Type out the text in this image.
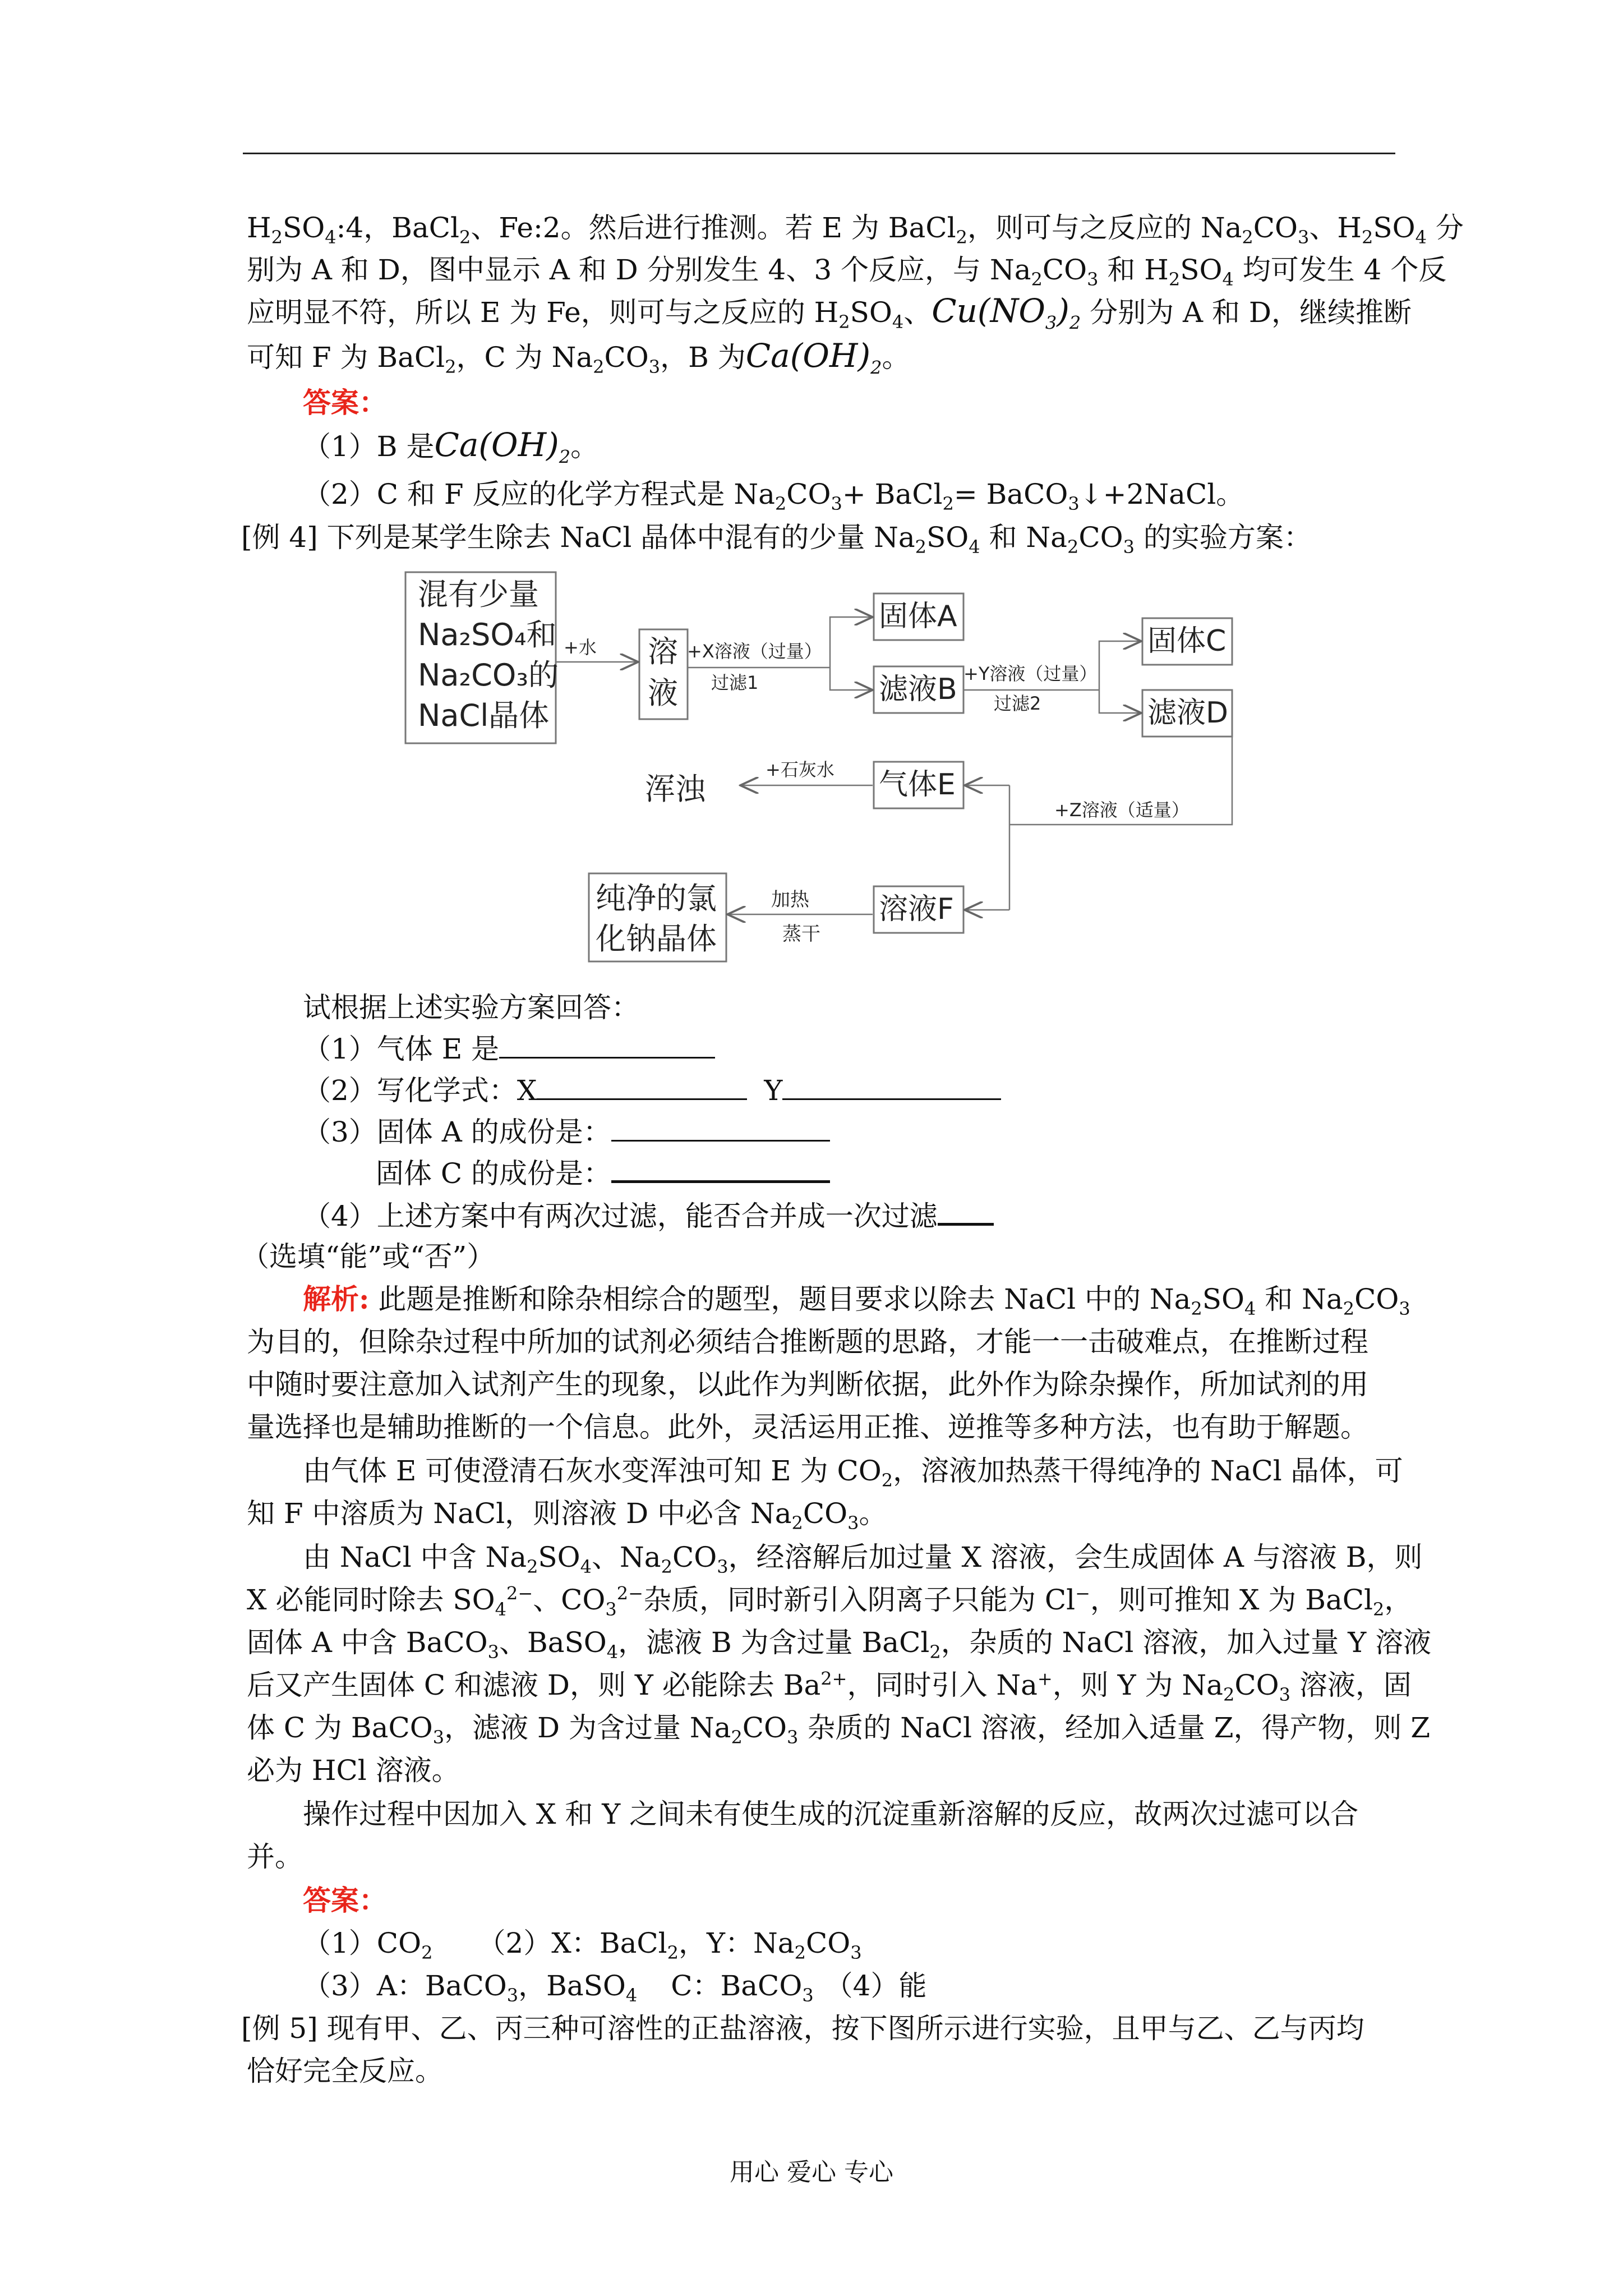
$H_2SO_4:4$，BaCl$_2$、Fe:2。然后进行推测。若 E 为 BaCl$_2$，则可与之反应的 $Na_2CO_3$、$H_2SO_4$ 分

别为 A 和 D，图中显示 A 和 D 分别发生 4、3 个反应，与 $Na_2CO_3$ 和 $H_2SO_4$ 均可发生 4 个反

应明显不符，所以 E 为 Fe，则可与之反应的 $H_2SO_4$、$Cu(NO_3)_2$ 分别为 A 和 D，继续推断

可知 F 为 BaCl$_2$，C 为 $Na_2CO_3$，B 为$Ca(OH)_2$。

答案：

（1）B 是$Ca(OH)_2$。

（2）C 和 F 反应的化学方程式是 $Na_2CO_3+$ BaCl$_2$= BaCO$_3$↓+2NaCl。

[例 4] 下列是某学生除去 NaCl 晶体中混有的少量 $Na_2SO_4$ 和 $Na_2CO_3$ 的实验方案：

混有少量
Na₂SO₄和
Na₂CO₃的
NaCl晶体
+水 溶
液
+X溶液（过量）
过滤1
固体A
滤液B +Y溶液（过量）
过滤2
固体C
滤液D
+Z溶液（适量）
气体E
+石灰水
浑浊
溶液F
加热
蒸干
纯净的氯
化钠晶体

试根据上述实验方案回答：

（1）气体 E 是

（2）写化学式：X	Y

（3）固体 A 的成份是：

固体 C 的成份是：

（4）上述方案中有两次过滤，能否合并成一次过滤

（选填“能”或“否”）

解析: 此题是推断和除杂相综合的题型，题目要求以除去 NaCl 中的 $Na_2SO_4$ 和 $Na_2CO_3$

为目的，但除杂过程中所加的试剂必须结合推断题的思路，才能一一击破难点，在推断过程

中随时要注意加入试剂产生的现象，以此作为判断依据，此外作为除杂操作，所加试剂的用

量选择也是辅助推断的一个信息。此外，灵活运用正推、逆推等多种方法，也有助于解题。

由气体 E 可使澄清石灰水变浑浊可知 E 为 $CO_2$，溶液加热蒸干得纯净的 NaCl 晶体，可

知 F 中溶质为 NaCl，则溶液 D 中必含 $Na_2CO_3$。

由 NaCl 中含 $Na_2SO_4$、$Na_2CO_3$，经溶解后加过量 X 溶液，会生成固体 A 与溶液 B，则

X 必能同时除去 $SO_4^{2-}$、$CO_3^{2-}$杂质，同时新引入阴离子只能为 Cl−，则可推知 X 为 BaCl$_2$，

固体 A 中含 BaCO$_3$、BaSO$_4$，滤液 B 为含过量 BaCl$_2$，杂质的 NaCl 溶液，加入过量 Y 溶液

后又产生固体 C 和滤液 D，则 Y 必能除去 $Ba^{2+}$，同时引入 Na+，则 Y 为 $Na_2CO_3$ 溶液，固

体 C 为 BaCO$_3$，滤液 D 为含过量 $Na_2CO_3$ 杂质的 NaCl 溶液，经加入适量 Z，得产物，则 Z

必为 HCl 溶液。

操作过程中因加入 X 和 Y 之间未有使生成的沉淀重新溶解的反应，故两次过滤可以合

并。

答案：

$(1)CO_2$ （2）X：BaCl$_2$，Y：$Na_2CO_3$

（3）A：BaCO$_3$，BaSO$_4$ C：BaCO$_3$ （4）能

[例 5] 现有甲、乙、丙三种可溶性的正盐溶液，按下图所示进行实验，且甲与乙、乙与丙均

恰好完全反应。

用心 爱心 专心
